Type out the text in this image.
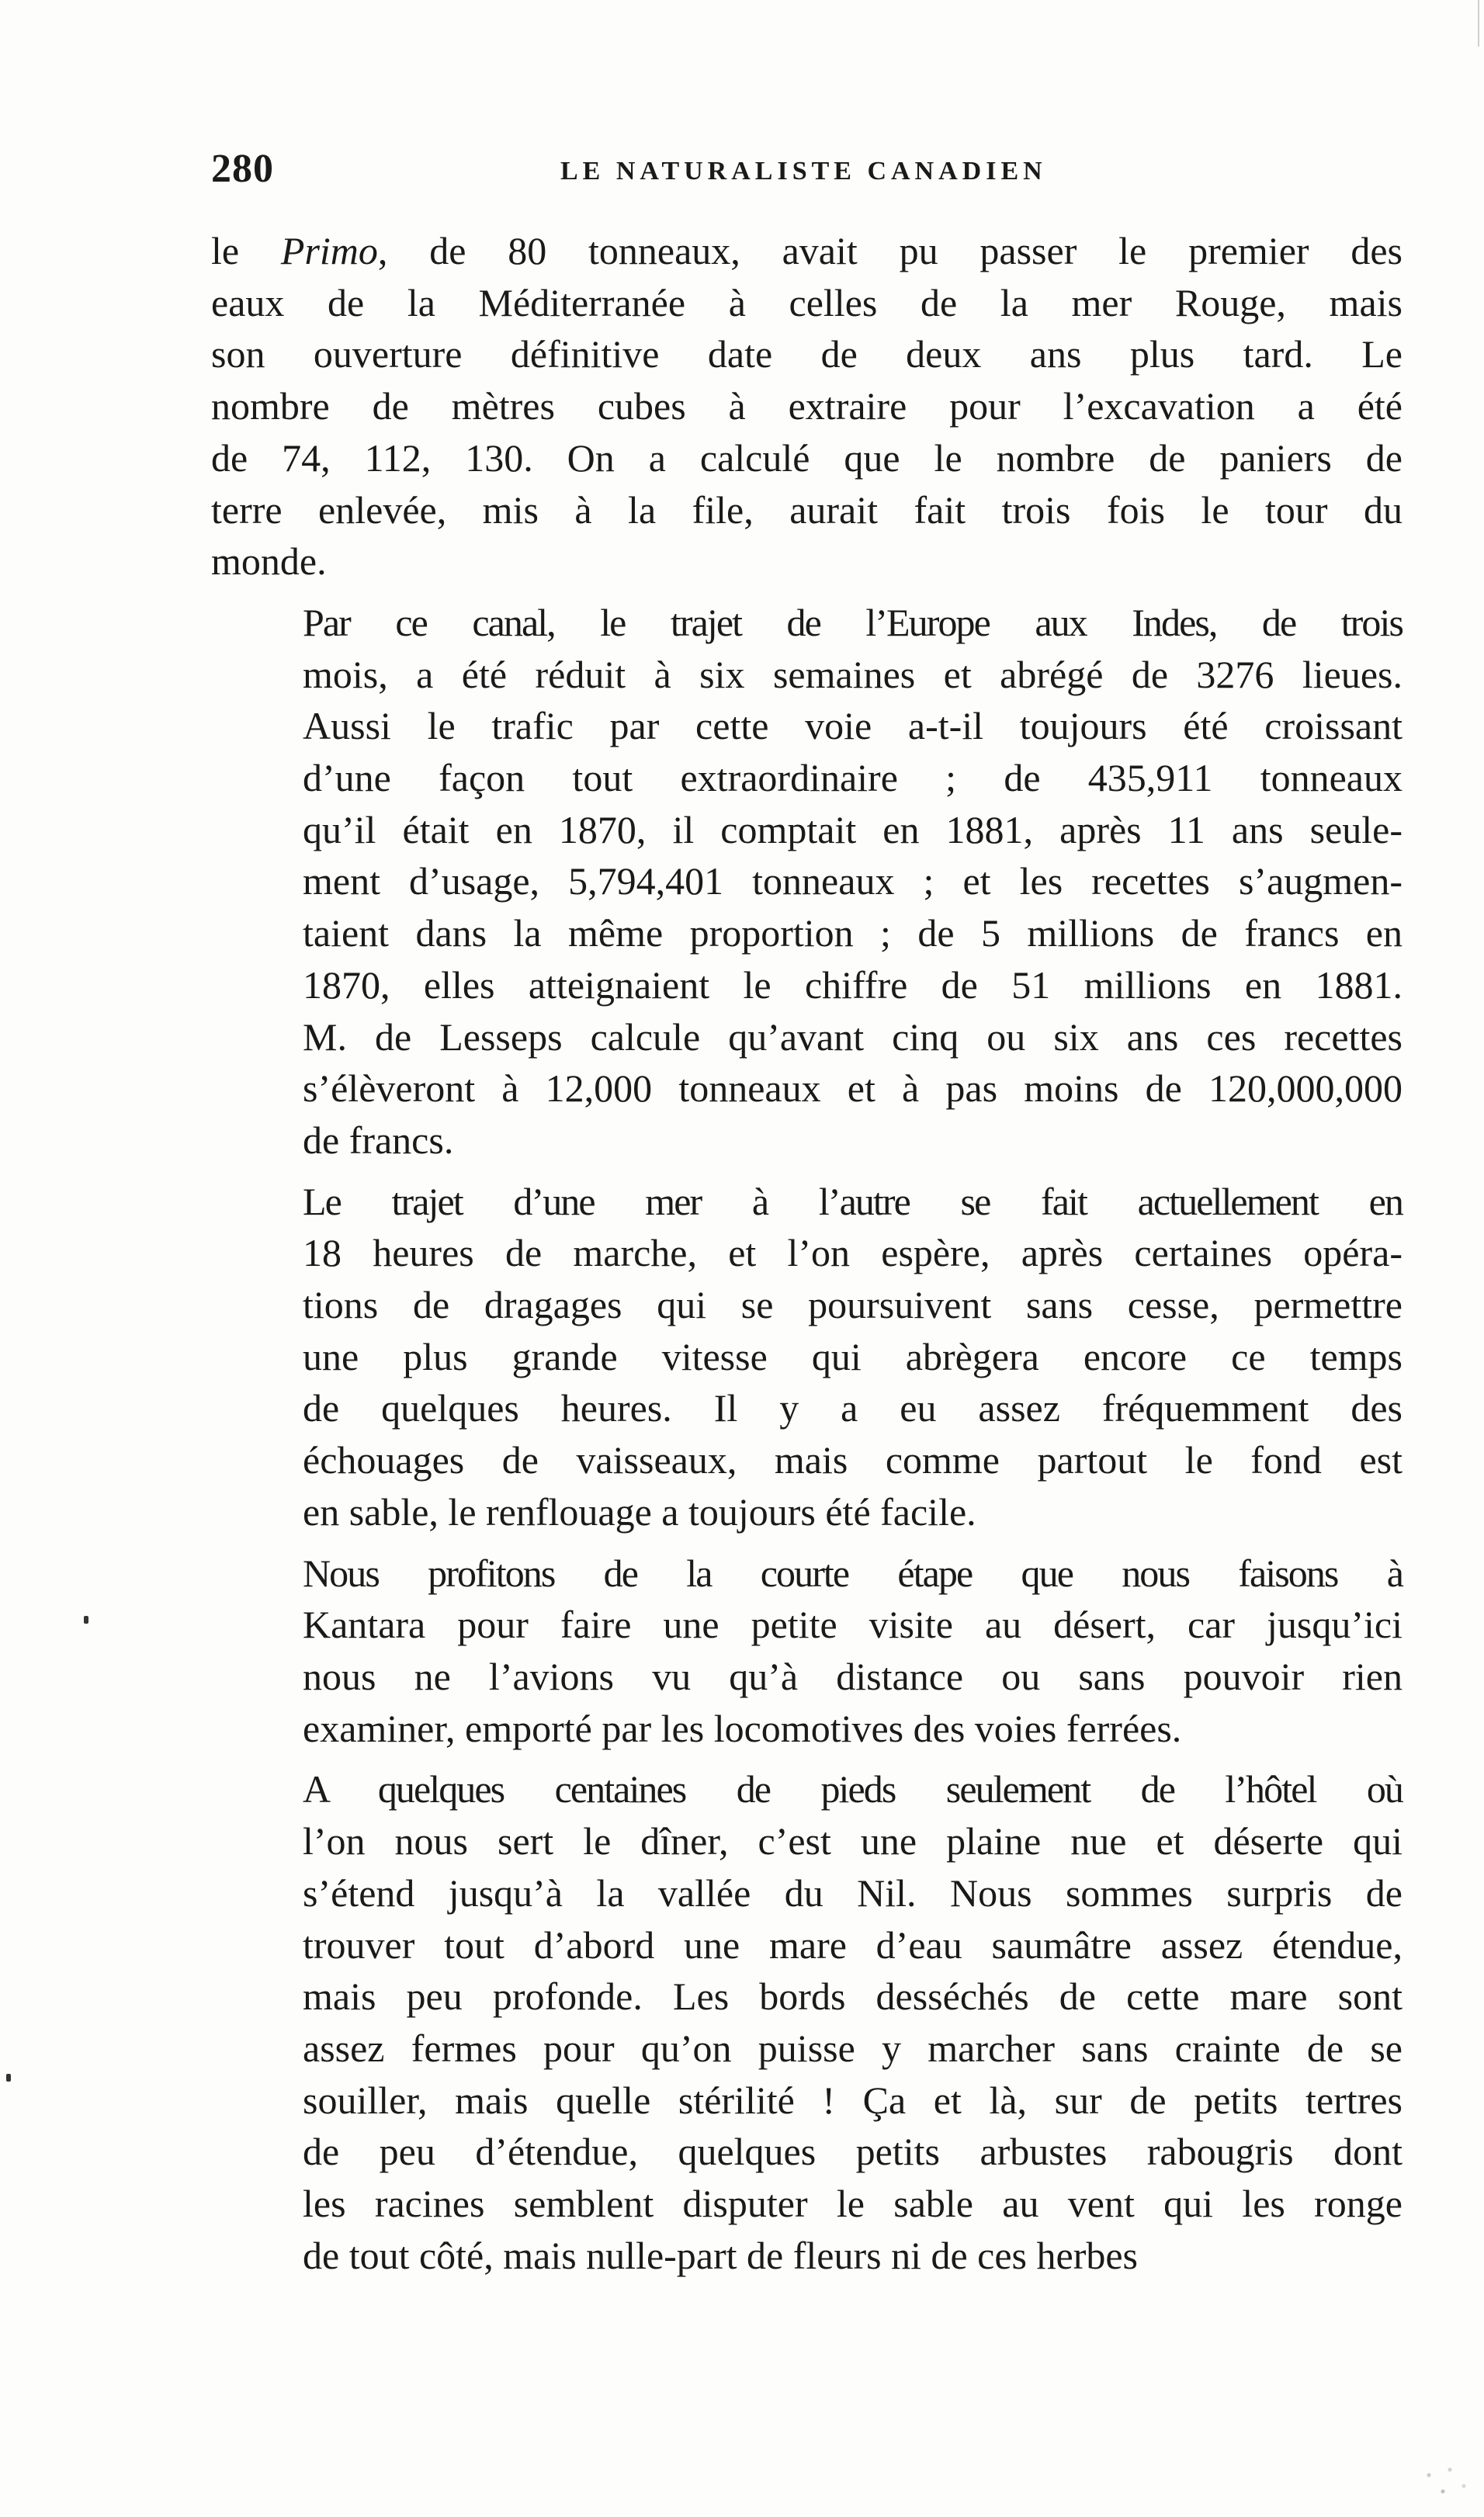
280	LE NATURALISTE CANADIEN

le Primo, de 80 tonneaux, avait pu passer le premier des
eaux de la Méditerranée à celles de la mer Rouge, mais
son ouverture définitive date de deux ans plus tard. Le
nombre de mètres cubes à extraire pour l’excavation a été
de 74, 112, 130. On a calculé que le nombre de paniers de
terre enlevée, mis à la file, aurait fait trois fois le tour du
monde.

Par ce canal, le trajet de l’Europe aux Indes, de trois
mois, a été réduit à six semaines et abrégé de 3276 lieues.
Aussi le trafic par cette voie a-t-il toujours été croissant
d’une façon tout extraordinaire ; de 435,911 tonneaux
qu’il était en 1870, il comptait en 1881, après 11 ans seule-
ment d’usage, 5,794,401 tonneaux ; et les recettes s’augmen-
taient dans la même proportion ; de 5 millions de francs en
1870, elles atteignaient le chiffre de 51 millions en 1881.
M. de Lesseps calcule qu’avant cinq ou six ans ces recettes
s’élèveront à 12,000 tonneaux et à pas moins de 120,000,000
de francs.

Le trajet d’une mer à l’autre se fait actuellement en
18 heures de marche, et l’on espère, après certaines opéra-
tions de dragages qui se poursuivent sans cesse, permettre
une plus grande vitesse qui abrègera encore ce temps
de quelques heures. Il y a eu assez fréquemment des
échouages de vaisseaux, mais comme partout le fond est
en sable, le renflouage a toujours été facile.

Nous profitons de la courte étape que nous faisons à
Kantara pour faire une petite visite au désert, car jusqu’ici
nous ne l’avions vu qu’à distance ou sans pouvoir rien
examiner, emporté par les locomotives des voies ferrées.

A quelques centaines de pieds seulement de l’hôtel où
l’on nous sert le dîner, c’est une plaine nue et déserte qui
s’étend jusqu’à la vallée du Nil. Nous sommes surpris de
trouver tout d’abord une mare d’eau saumâtre assez étendue,
mais peu profonde. Les bords desséchés de cette mare sont
assez fermes pour qu’on puisse y marcher sans crainte de se
souiller, mais quelle stérilité ! Ça et là, sur de petits tertres
de peu d’étendue, quelques petits arbustes rabougris dont
les racines semblent disputer le sable au vent qui les ronge
de tout côté, mais nulle-part de fleurs ni de ces herbes
